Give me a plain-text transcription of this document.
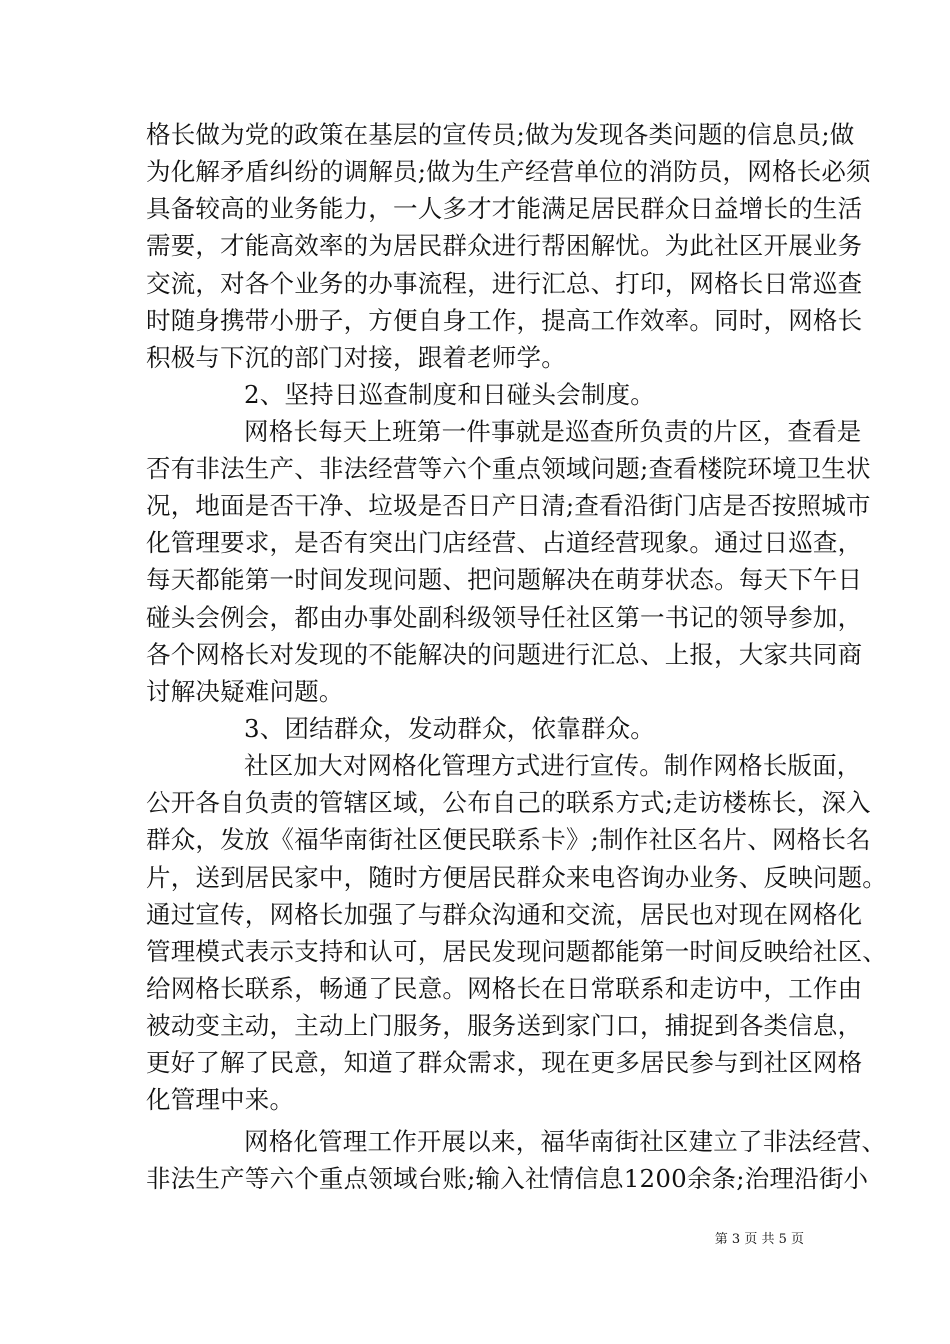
格长做为党的政策在基层的宣传员;做为发现各类问题的信息员;做
为化解矛盾纠纷的调解员;做为生产经营单位的消防员，网格长必须
具备较高的业务能力，一人多才才能满足居民群众日益增长的生活
需要，才能高效率的为居民群众进行帮困解忧。为此社区开展业务
交流，对各个业务的办事流程，进行汇总、打印，网格长日常巡查
时随身携带小册子，方便自身工作，提高工作效率。同时，网格长
积极与下沉的部门对接，跟着老师学。
2、坚持日巡查制度和日碰头会制度。
网格长每天上班第一件事就是巡查所负责的片区，查看是
否有非法生产、非法经营等六个重点领域问题;查看楼院环境卫生状
况，地面是否干净、垃圾是否日产日清;查看沿街门店是否按照城市
化管理要求，是否有突出门店经营、占道经营现象。通过日巡查，
每天都能第一时间发现问题、把问题解决在萌芽状态。每天下午日
碰头会例会，都由办事处副科级领导任社区第一书记的领导参加，
各个网格长对发现的不能解决的问题进行汇总、上报，大家共同商
讨解决疑难问题。
3、团结群众，发动群众，依靠群众。
社区加大对网格化管理方式进行宣传。制作网格长版面，
公开各自负责的管辖区域，公布自己的联系方式;走访楼栋长，深入
群众，发放《福华南街社区便民联系卡》;制作社区名片、网格长名
片，送到居民家中，随时方便居民群众来电咨询办业务、反映问题。
通过宣传，网格长加强了与群众沟通和交流，居民也对现在网格化
管理模式表示支持和认可，居民发现问题都能第一时间反映给社区、
给网格长联系，畅通了民意。网格长在日常联系和走访中，工作由
被动变主动，主动上门服务，服务送到家门口，捕捉到各类信息，
更好了解了民意，知道了群众需求，现在更多居民参与到社区网格
化管理中来。
网格化管理工作开展以来，福华南街社区建立了非法经营、
非法生产等六个重点领域台账;输入社情信息1200余条;治理沿街小
第 3 页 共 5 页
